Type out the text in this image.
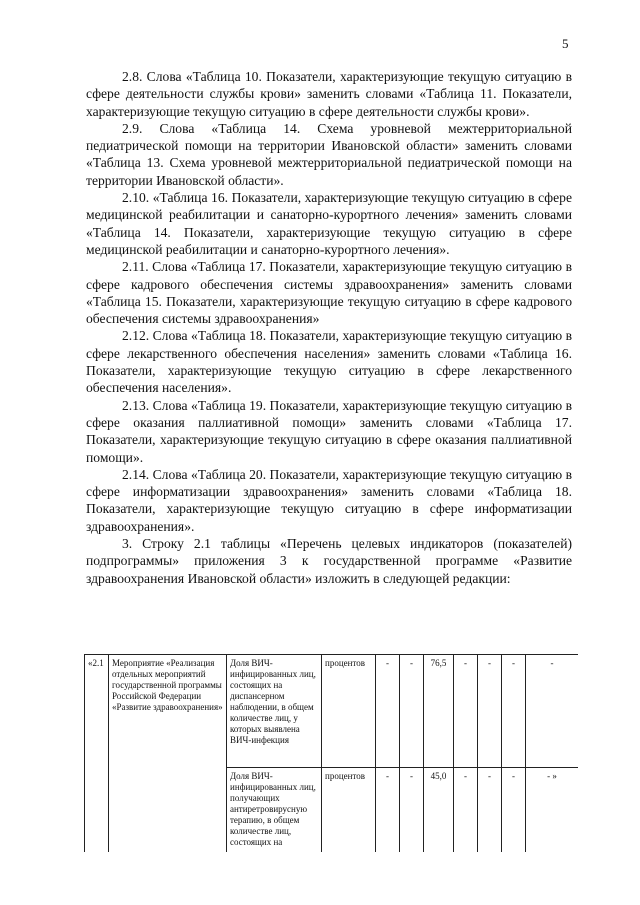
5

2.8. Слова «Таблица 10. Показатели, характеризующие текущую ситуацию в сфере деятельности службы крови» заменить словами «Таблица 11. Показатели, характеризующие текущую ситуацию в сфере деятельности службы крови».

2.9. Слова «Таблица 14. Схема уровневой межтерриториальной педиатрической помощи на территории Ивановской области» заменить словами «Таблица 13. Схема уровневой межтерриториальной педиатрической помощи на территории Ивановской области».

2.10. «Таблица 16. Показатели, характеризующие текущую ситуацию в сфере медицинской реабилитации и санаторно-курортного лечения» заменить словами «Таблица 14. Показатели, характеризующие текущую ситуацию в сфере медицинской реабилитации и санаторно-курортного лечения».

2.11. Слова «Таблица 17. Показатели, характеризующие текущую ситуацию в сфере кадрового обеспечения системы здравоохранения» заменить словами «Таблица 15. Показатели, характеризующие текущую ситуацию в сфере кадрового обеспечения системы здравоохранения»

2.12. Слова «Таблица 18. Показатели, характеризующие текущую ситуацию в сфере лекарственного обеспечения населения» заменить словами «Таблица 16. Показатели, характеризующие текущую ситуацию в сфере лекарственного обеспечения населения».

2.13. Слова «Таблица 19. Показатели, характеризующие текущую ситуацию в сфере оказания паллиативной помощи» заменить словами «Таблица 17. Показатели, характеризующие текущую ситуацию в сфере оказания паллиативной помощи».

2.14. Слова «Таблица 20. Показатели, характеризующие текущую ситуацию в сфере информатизации здравоохранения» заменить словами «Таблица 18. Показатели, характеризующие текущую ситуацию в сфере информатизации здравоохранения».

3. Строку 2.1 таблицы «Перечень целевых индикаторов (показателей) подпрограммы» приложения 3 к государственной программе «Развитие здравоохранения Ивановской области» изложить в следующей редакции:

«2.1	Мероприятие «Реализация отдельных мероприятий государственной программы Российской Федерации «Развитие здравоохранения»	Доля ВИЧ-инфицированных лиц, состоящих на диспансерном наблюдении, в общем количестве лиц, у которых выявлена ВИЧ-инфекция	процентов	-	-	76,5	-	-	-	-
		Доля ВИЧ-инфицированных лиц, получающих антиретровирусную терапию, в общем количестве лиц, состоящих на	процентов	-	-	45,0	-	-	-	- »
